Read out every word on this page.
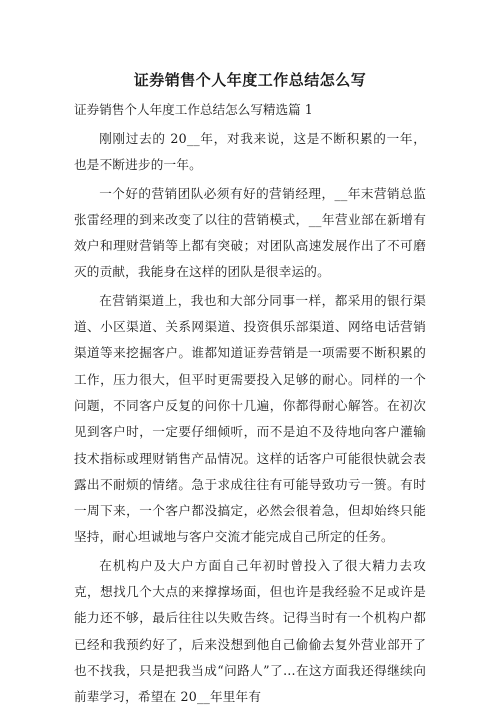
证券销售个人年度工作总结怎么写
证券销售个人年度工作总结怎么写精选篇 1

刚刚过去的 20__年，对我来说，这是不断积累的一年，也是不断进步的一年。

一个好的营销团队必须有好的营销经理，__年末营销总监张雷经理的到来改变了以往的营销模式，__年营业部在新增有效户和理财营销等上都有突破；对团队高速发展作出了不可磨灭的贡献，我能身在这样的团队是很幸运的。

在营销渠道上，我也和大部分同事一样，都采用的银行渠道、小区渠道、关系网渠道、投资俱乐部渠道、网络电话营销渠道等来挖掘客户。谁都知道证券营销是一项需要不断积累的工作，压力很大，但平时更需要投入足够的耐心。同样的一个问题，不同客户反复的问你十几遍，你都得耐心解答。在初次见到客户时，一定要仔细倾听，而不是迫不及待地向客户灌输技术指标或理财销售产品情况。这样的话客户可能很快就会表露出不耐烦的情绪。急于求成往往有可能导致功亏一篑。有时一周下来，一个客户都没搞定，必然会很着急，但却始终只能坚持，耐心坦诚地与客户交流才能完成自己所定的任务。

在机构户及大户方面自己年初时曾投入了很大精力去攻克，想找几个大点的来撑撑场面，但也许是我经验不足或许是能力还不够，最后往往以失败告终。记得当时有一个机构户都已经和我预约好了，后来没想到他自己偷偷去复外营业部开了也不找我，只是把我当成“问路人”了…在这方面我还得继续向前辈学习，希望在 20__年里年有
